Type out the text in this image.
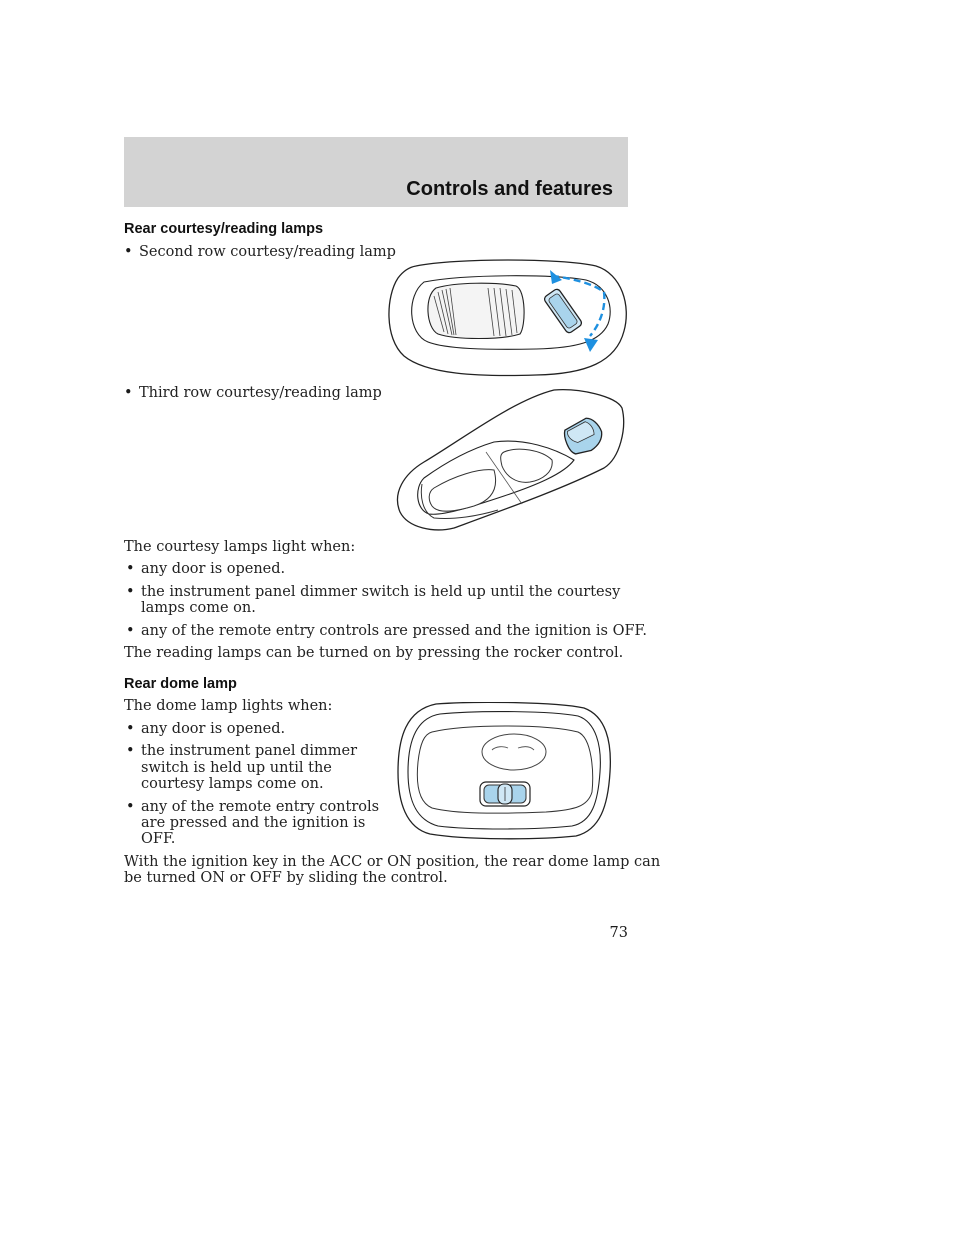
Controls and features
Rear courtesy/reading lamps
• Second row courtesy/reading lamp
• Third row courtesy/reading lamp
The courtesy lamps light when:
• any door is opened.
• the instrument panel dimmer switch is held up until the courtesy
lamps come on.
• any of the remote entry controls are pressed and the ignition is OFF.
The reading lamps can be turned on by pressing the rocker control.
Rear dome lamp
The dome lamp lights when:
• any door is opened.
• the instrument panel dimmer
switch is held up until the
courtesy lamps come on.
• any of the remote entry controls
are pressed and the ignition is
OFF.
With the ignition key in the ACC or ON position, the rear dome lamp can
be turned ON or OFF by sliding the control.
73
